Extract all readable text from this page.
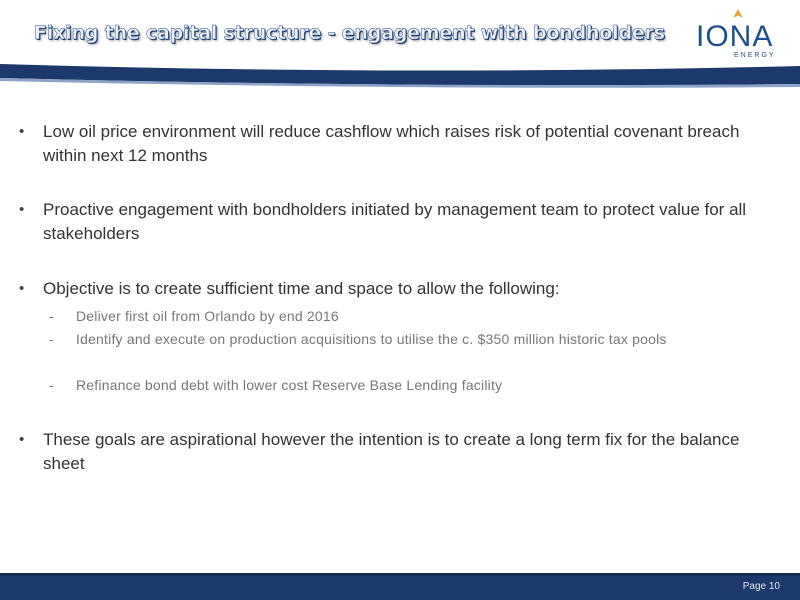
Fixing the capital structure - engagement with bondholders IONA
ENERGY
• Low oil price environment will reduce cashflow which raises risk of potential covenant breach within next 12 months
• Proactive engagement with bondholders initiated by management team to protect value for all stakeholders
• Objective is to create sufficient time and space to allow the following:
- Deliver first oil from Orlando by end 2016
- Identify and execute on production acquisitions to utilise the c. $350 million historic tax pools
- Refinance bond debt with lower cost Reserve Base Lending facility
• These goals are aspirational however the intention is to create a long term fix for the balance sheet
Page 10
